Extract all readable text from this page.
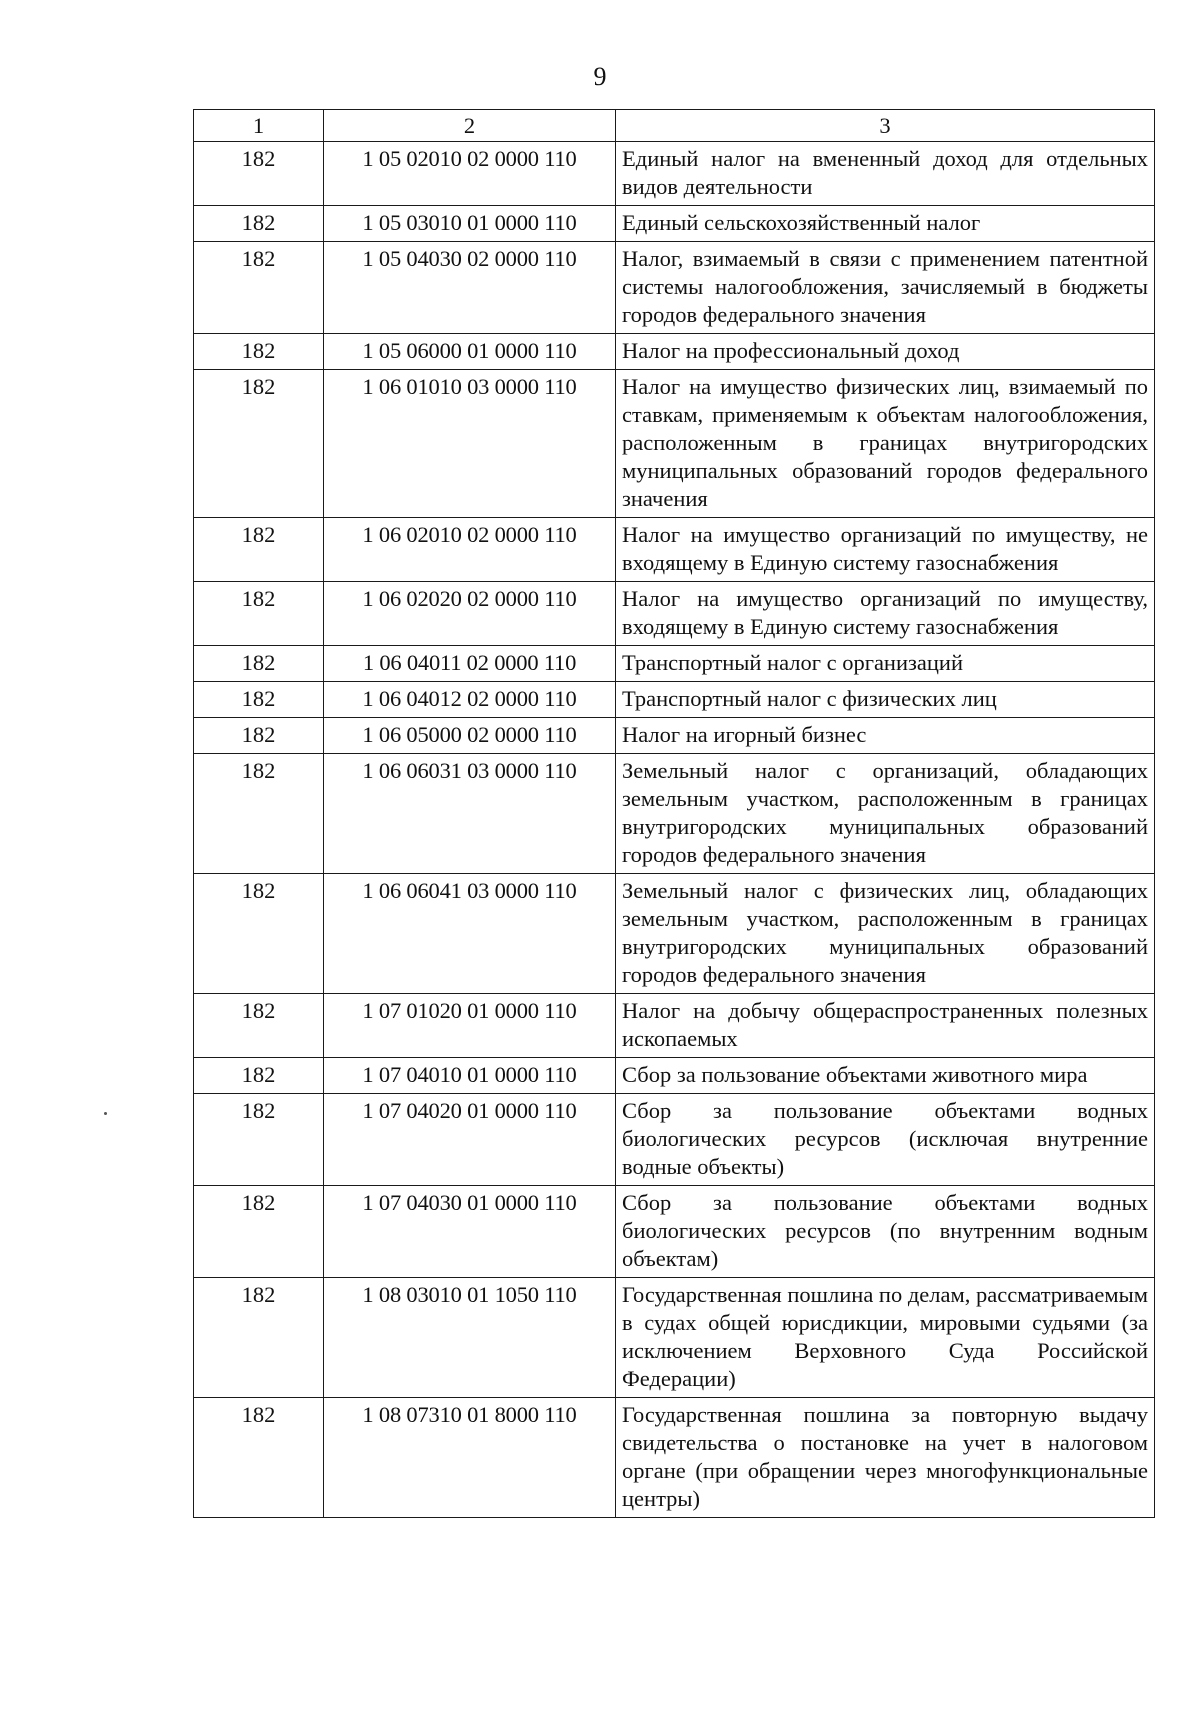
9
1	2	3
182	1 05 02010 02 0000 110	Единый налог на вмененный доход для отдельных видов деятельности
182	1 05 03010 01 0000 110	Единый сельскохозяйственный налог
182	1 05 04030 02 0000 110	Налог, взимаемый в связи с применением патентной системы налогообложения, зачисляемый в бюджеты городов федерального значения
182	1 05 06000 01 0000 110	Налог на профессиональный доход
182	1 06 01010 03 0000 110	Налог на имущество физических лиц, взимаемый по ставкам, применяемым к объектам налогообложения, расположенным в границах внутригородских муниципальных образований городов федерального значения
182	1 06 02010 02 0000 110	Налог на имущество организаций по имуществу, не входящему в Единую систему газоснабжения
182	1 06 02020 02 0000 110	Налог на имущество организаций по имуществу, входящему в Единую систему газоснабжения
182	1 06 04011 02 0000 110	Транспортный налог с организаций
182	1 06 04012 02 0000 110	Транспортный налог с физических лиц
182	1 06 05000 02 0000 110	Налог на игорный бизнес
182	1 06 06031 03 0000 110	Земельный налог с организаций, обладающих земельным участком, расположенным в границах внутригородских муниципальных образований городов федерального значения
182	1 06 06041 03 0000 110	Земельный налог с физических лиц, обладающих земельным участком, расположенным в границах внутригородских муниципальных образований городов федерального значения
182	1 07 01020 01 0000 110	Налог на добычу общераспространенных полезных ископаемых
182	1 07 04010 01 0000 110	Сбор за пользование объектами животного мира
182	1 07 04020 01 0000 110	Сбор за пользование объектами водных биологических ресурсов (исключая внутренние водные объекты)
182	1 07 04030 01 0000 110	Сбор за пользование объектами водных биологических ресурсов (по внутренним водным объектам)
182	1 08 03010 01 1050 110	Государственная пошлина по делам, рассматриваемым в судах общей юрисдикции, мировыми судьями (за исключением Верховного Суда Российской Федерации)
182	1 08 07310 01 8000 110	Государственная пошлина за повторную выдачу свидетельства о постановке на учет в налоговом органе (при обращении через многофункциональные центры)
